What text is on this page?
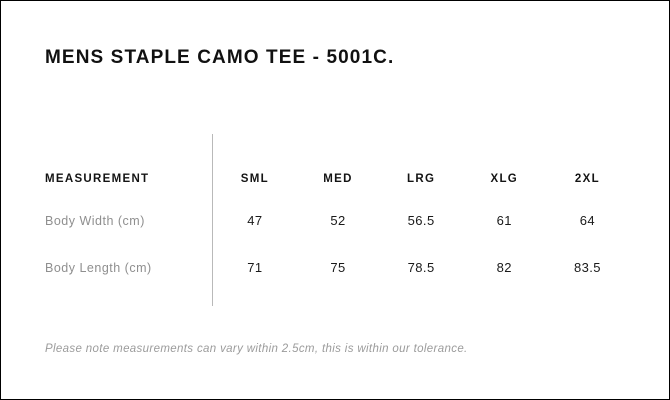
MENS STAPLE CAMO TEE - 5001C.
MEASUREMENT	SML	MED	LRG	XLG	2XL
Body Width (cm)	47	52	56.5	61	64
Body Length (cm)	71	75	78.5	82	83.5
Please note measurements can vary within 2.5cm, this is within our tolerance.
